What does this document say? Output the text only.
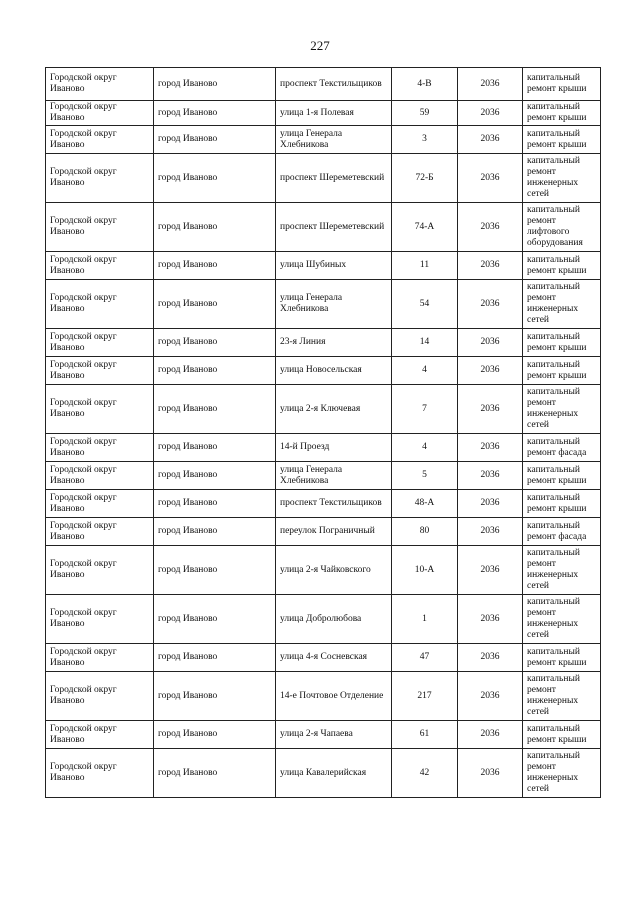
227
Городской округ Иваново	город Иваново	проспект Текстильщиков	4-В	2036	капитальный ремонт крыши
Городской округ Иваново	город Иваново	улица 1-я Полевая	59	2036	капитальный ремонт крыши
Городской округ Иваново	город Иваново	улица Генерала Хлебникова	3	2036	капитальный ремонт крыши
Городской округ Иваново	город Иваново	проспект Шереметевский	72-Б	2036	капитальный ремонт инженерных сетей
Городской округ Иваново	город Иваново	проспект Шереметевский	74-А	2036	капитальный ремонт лифтового оборудования
Городской округ Иваново	город Иваново	улица Шубиных	11	2036	капитальный ремонт крыши
Городской округ Иваново	город Иваново	улица Генерала Хлебникова	54	2036	капитальный ремонт инженерных сетей
Городской округ Иваново	город Иваново	23-я Линия	14	2036	капитальный ремонт крыши
Городской округ Иваново	город Иваново	улица Новосельская	4	2036	капитальный ремонт крыши
Городской округ Иваново	город Иваново	улица 2-я Ключевая	7	2036	капитальный ремонт инженерных сетей
Городской округ Иваново	город Иваново	14-й Проезд	4	2036	капитальный ремонт фасада
Городской округ Иваново	город Иваново	улица Генерала Хлебникова	5	2036	капитальный ремонт крыши
Городской округ Иваново	город Иваново	проспект Текстильщиков	48-А	2036	капитальный ремонт крыши
Городской округ Иваново	город Иваново	переулок Пограничный	80	2036	капитальный ремонт фасада
Городской округ Иваново	город Иваново	улица 2-я Чайковского	10-А	2036	капитальный ремонт инженерных сетей
Городской округ Иваново	город Иваново	улица Добролюбова	1	2036	капитальный ремонт инженерных сетей
Городской округ Иваново	город Иваново	улица 4-я Сосневская	47	2036	капитальный ремонт крыши
Городской округ Иваново	город Иваново	14-е Почтовое Отделение	217	2036	капитальный ремонт инженерных сетей
Городской округ Иваново	город Иваново	улица 2-я Чапаева	61	2036	капитальный ремонт крыши
Городской округ Иваново	город Иваново	улица Кавалерийская	42	2036	капитальный ремонт инженерных сетей
